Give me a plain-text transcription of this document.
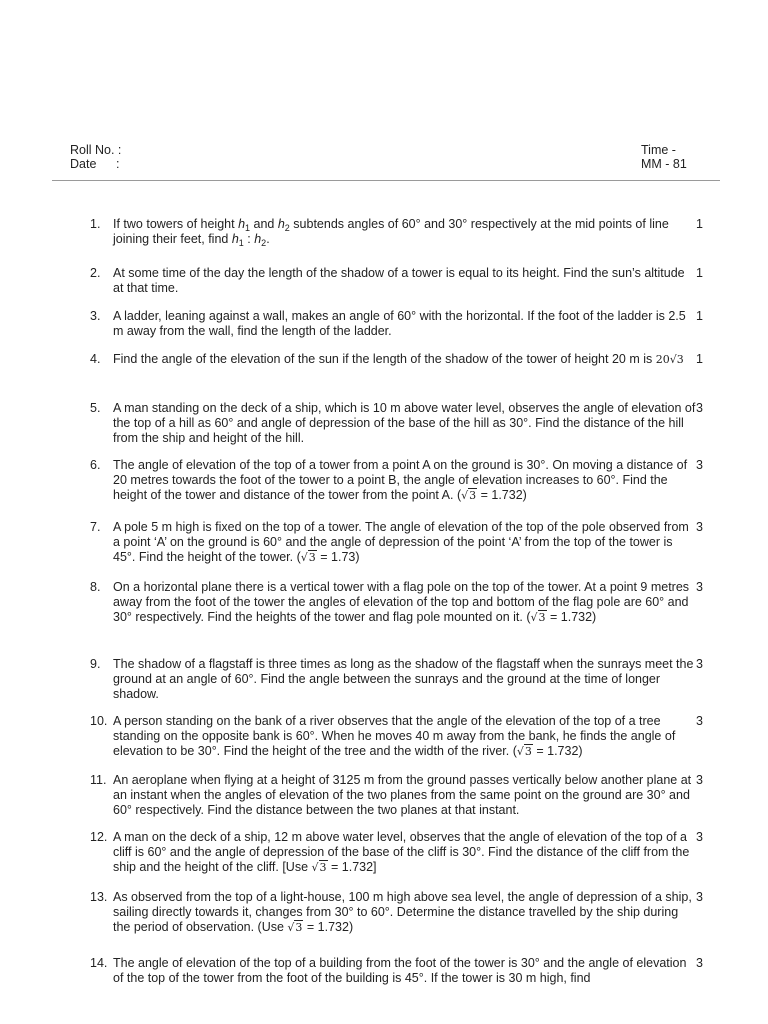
Roll No. :
Date :
Time -
MM - 81
1.	If two towers of height $h_1$ and $h_2$ subtends angles of 60° and 30° respectively at the mid points of line joining their feet, find $h_1$ : $h_2$.
1
2.	At some time of the day the length of the shadow of a tower is equal to its height. Find the sun’s altitude at that time.
1
3.	A ladder, leaning against a wall, makes an angle of 60° with the horizontal. If the foot of the ladder is 2.5 m away from the wall, find the length of the ladder.
1
4.	Find the angle of the elevation of the sun if the length of the shadow of the tower of height 20 m is 20√3 1
5.	A man standing on the deck of a ship, which is 10 m above water level, observes the angle of elevation of the top of a hill as 60° and angle of depression of the base of the hill as 30°. Find the distance of the hill from the ship and height of the hill.
3
6.	The angle of elevation of the top of a tower from a point A on the ground is 30°. On moving a distance of 20 metres towards the foot of the tower to a point B, the angle of elevation increases to 60°. Find the height of the tower and distance of the tower from the point A. (√3 = 1.732)
3
7.	A pole 5 m high is fixed on the top of a tower. The angle of elevation of the top of the pole observed from a point ‘A’ on the ground is 60° and the angle of depression of the point ‘A’ from the top of the tower is 45°. Find the height of the tower. (√3 = 1.73)
3
8.	On a horizontal plane there is a vertical tower with a flag pole on the top of the tower. At a point 9 metres away from the foot of the tower the angles of elevation of the top and bottom of the flag pole are 60° and 30° respectively. Find the heights of the tower and flag pole mounted on it. (√3 = 1.732)
3
9.	The shadow of a flagstaff is three times as long as the shadow of the flagstaff when the sunrays meet the ground at an angle of 60°. Find the angle between the sunrays and the ground at the time of longer shadow.
3
10. A person standing on the bank of a river observes that the angle of the elevation of the top of a tree standing on the opposite bank is 60°. When he moves 40 m away from the bank, he finds the angle of elevation to be 30°. Find the height of the tree and the width of the river. (√3 = 1.732)
3
11. An aeroplane when flying at a height of 3125 m from the ground passes vertically below another plane at an instant when the angles of elevation of the two planes from the same point on the ground are 30° and 60° respectively. Find the distance between the two planes at that instant.
3
12. A man on the deck of a ship, 12 m above water level, observes that the angle of elevation of the top of a cliff is 60° and the angle of depression of the base of the cliff is 30°. Find the distance of the cliff from the ship and the height of the cliff. [Use √3 = 1.732]
3
13. As observed from the top of a light-house, 100 m high above sea level, the angle of depression of a ship, sailing directly towards it, changes from 30° to 60°. Determine the distance travelled by the ship during the period of observation. (Use √3 = 1.732)
3
14. The angle of elevation of the top of a building from the foot of the tower is 30° and the angle of elevation of the top of the tower from the foot of the building is 45°. If the tower is 30 m high, find
3
